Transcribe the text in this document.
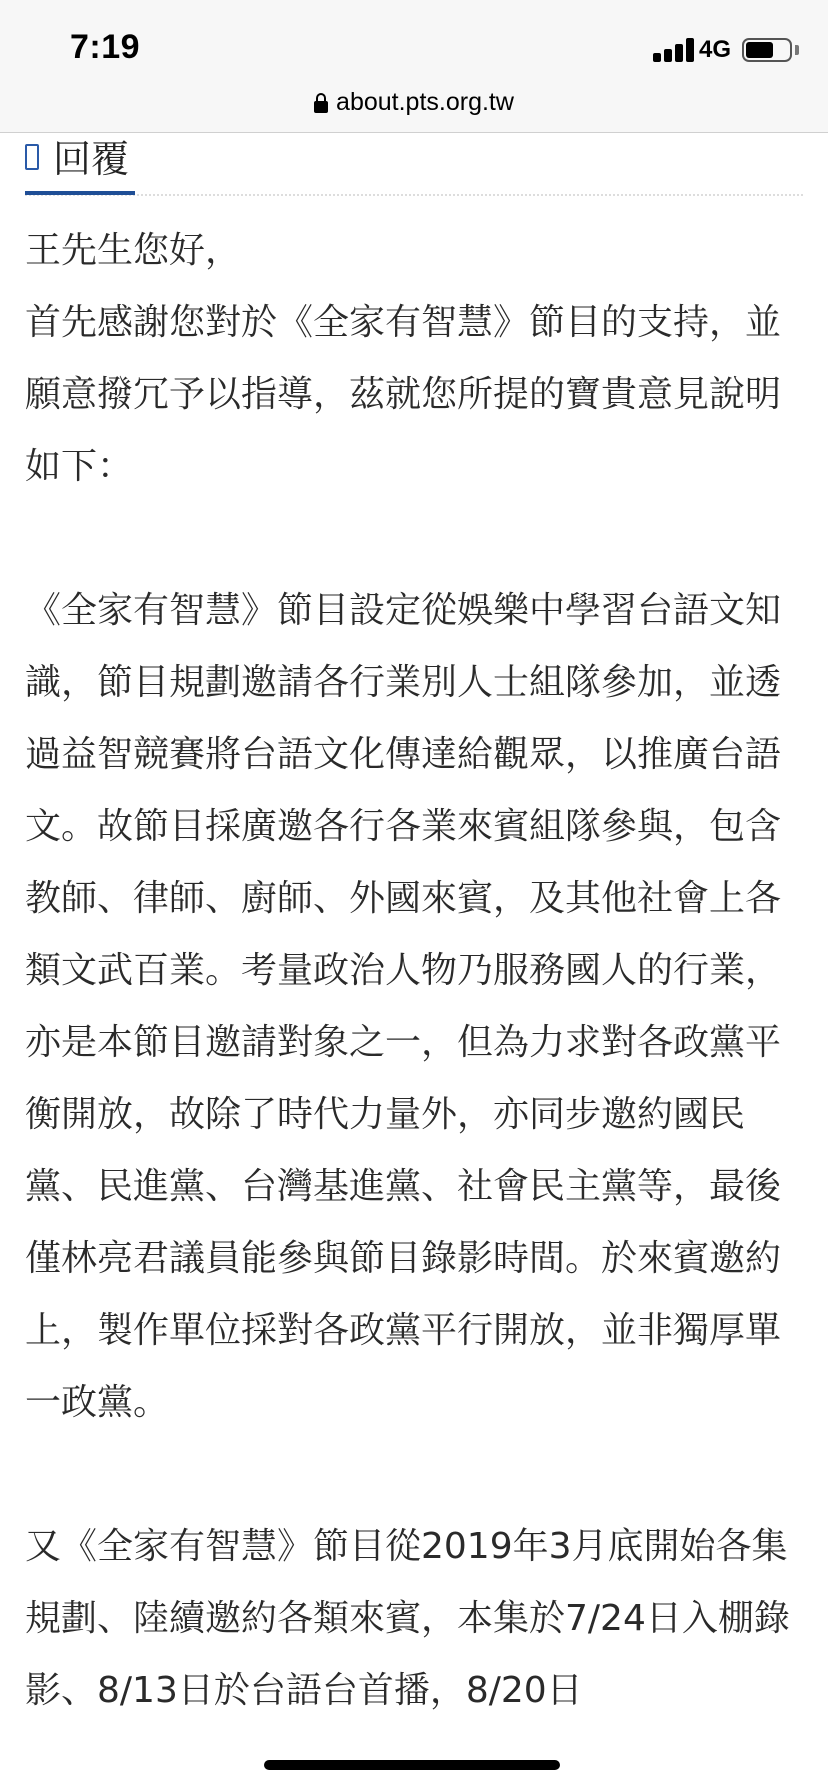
7:19	4G
about.pts.org.tw
回覆

王先生您好，

首先感謝您對於《全家有智慧》節目的支持，並願意撥冗予以指導，茲就您所提的寶貴意見說明如下：

《全家有智慧》節目設定從娛樂中學習台語文知識，節目規劃邀請各行業別人士組隊參加，並透過益智競賽將台語文化傳達給觀眾，以推廣台語文。故節目採廣邀各行各業來賓組隊參與，包含教師、律師、廚師、外國來賓，及其他社會上各類文武百業。考量政治人物乃服務國人的行業，亦是本節目邀請對象之一，但為力求對各政黨平衡開放，故除了時代力量外，亦同步邀約國民黨、民進黨、台灣基進黨、社會民主黨等，最後僅林亮君議員能參與節目錄影時間。於來賓邀約上，製作單位採對各政黨平行開放，並非獨厚單一政黨。

又《全家有智慧》節目從2019年3月底開始各集規劃、陸續邀約各類來賓，本集於7/24日入棚錄影、8/13日於台語台首播，8/20日
